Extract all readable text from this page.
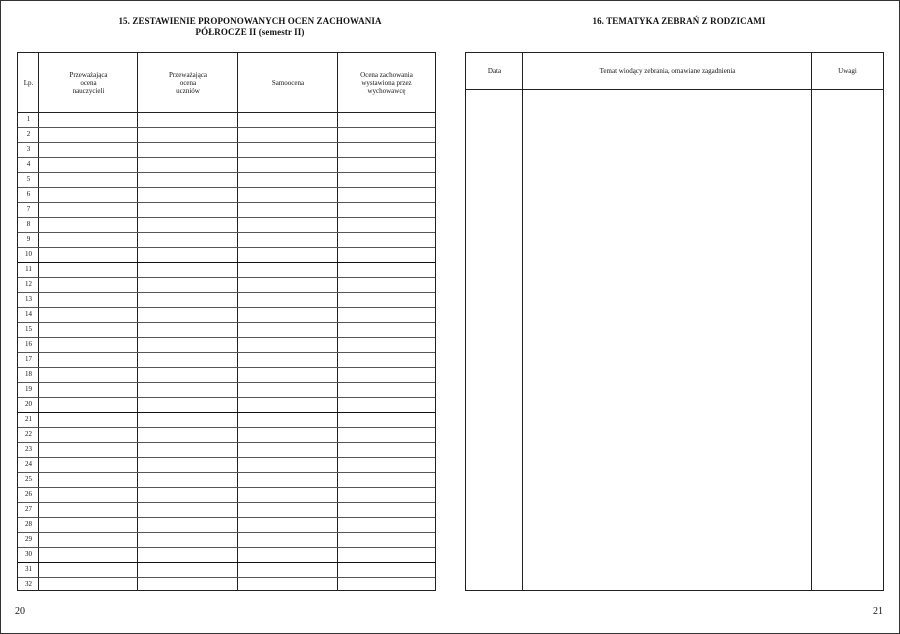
15. ZESTAWIENIE PROPONOWANYCH OCEN ZACHOWANIA
PÓŁROCZE II (semestr II)
Lp.
Przeważająca
ocena
nauczycieli
Przeważająca
ocena
uczniów
Samoocena
Ocena zachowania
wystawiona przez
wychowawcę
1
2
3
4
5
6
7
8
9
10
11
12
13
14
15
16
17
18
19
20
21
22
23
24
25
26
27
28
29
30
31
32
20
16. TEMATYKA ZEBRAŃ Z RODZICAMI
Data	Temat wiodący zebrania, omawiane zagadnienia	Uwagi
21
